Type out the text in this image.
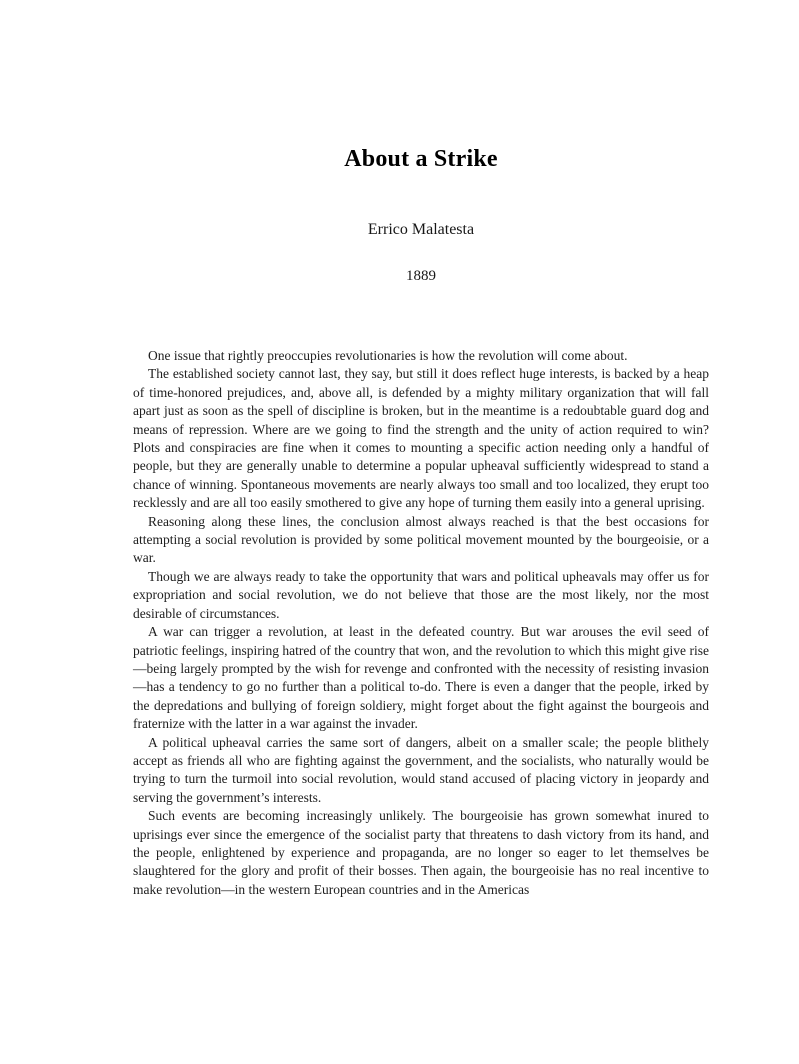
About a Strike
Errico Malatesta
1889

One issue that rightly preoccupies revolutionaries is how the revolution will come about.

The established society cannot last, they say, but still it does reflect huge interests, is backed by a heap of time-honored prejudices, and, above all, is defended by a mighty military organization that will fall apart just as soon as the spell of discipline is broken, but in the meantime is a redoubtable guard dog and means of repression. Where are we going to find the strength and the unity of action required to win? Plots and conspiracies are fine when it comes to mounting a specific action needing only a handful of people, but they are generally unable to determine a popular upheaval sufficiently widespread to stand a chance of winning. Spontaneous movements are nearly always too small and too localized, they erupt too recklessly and are all too easily smothered to give any hope of turning them easily into a general uprising.

Reasoning along these lines, the conclusion almost always reached is that the best occasions for attempting a social revolution is provided by some political movement mounted by the bourgeoisie, or a war.

Though we are always ready to take the opportunity that wars and political upheavals may offer us for expropriation and social revolution, we do not believe that those are the most likely, nor the most desirable of circumstances.

A war can trigger a revolution, at least in the defeated country. But war arouses the evil seed of patriotic feelings, inspiring hatred of the country that won, and the revolution to which this might give rise—being largely prompted by the wish for revenge and confronted with the necessity of resisting invasion—has a tendency to go no further than a political to-do. There is even a danger that the people, irked by the depredations and bullying of foreign soldiery, might forget about the fight against the bourgeois and fraternize with the latter in a war against the invader.

A political upheaval carries the same sort of dangers, albeit on a smaller scale; the people blithely accept as friends all who are fighting against the government, and the socialists, who naturally would be trying to turn the turmoil into social revolution, would stand accused of placing victory in jeopardy and serving the government’s interests.

Such events are becoming increasingly unlikely. The bourgeoisie has grown somewhat inured to uprisings ever since the emergence of the socialist party that threatens to dash victory from its hand, and the people, enlightened by experience and propaganda, are no longer so eager to let themselves be slaughtered for the glory and profit of their bosses. Then again, the bourgeoisie has no real incentive to make revolution—in the western European countries and in the Americas
